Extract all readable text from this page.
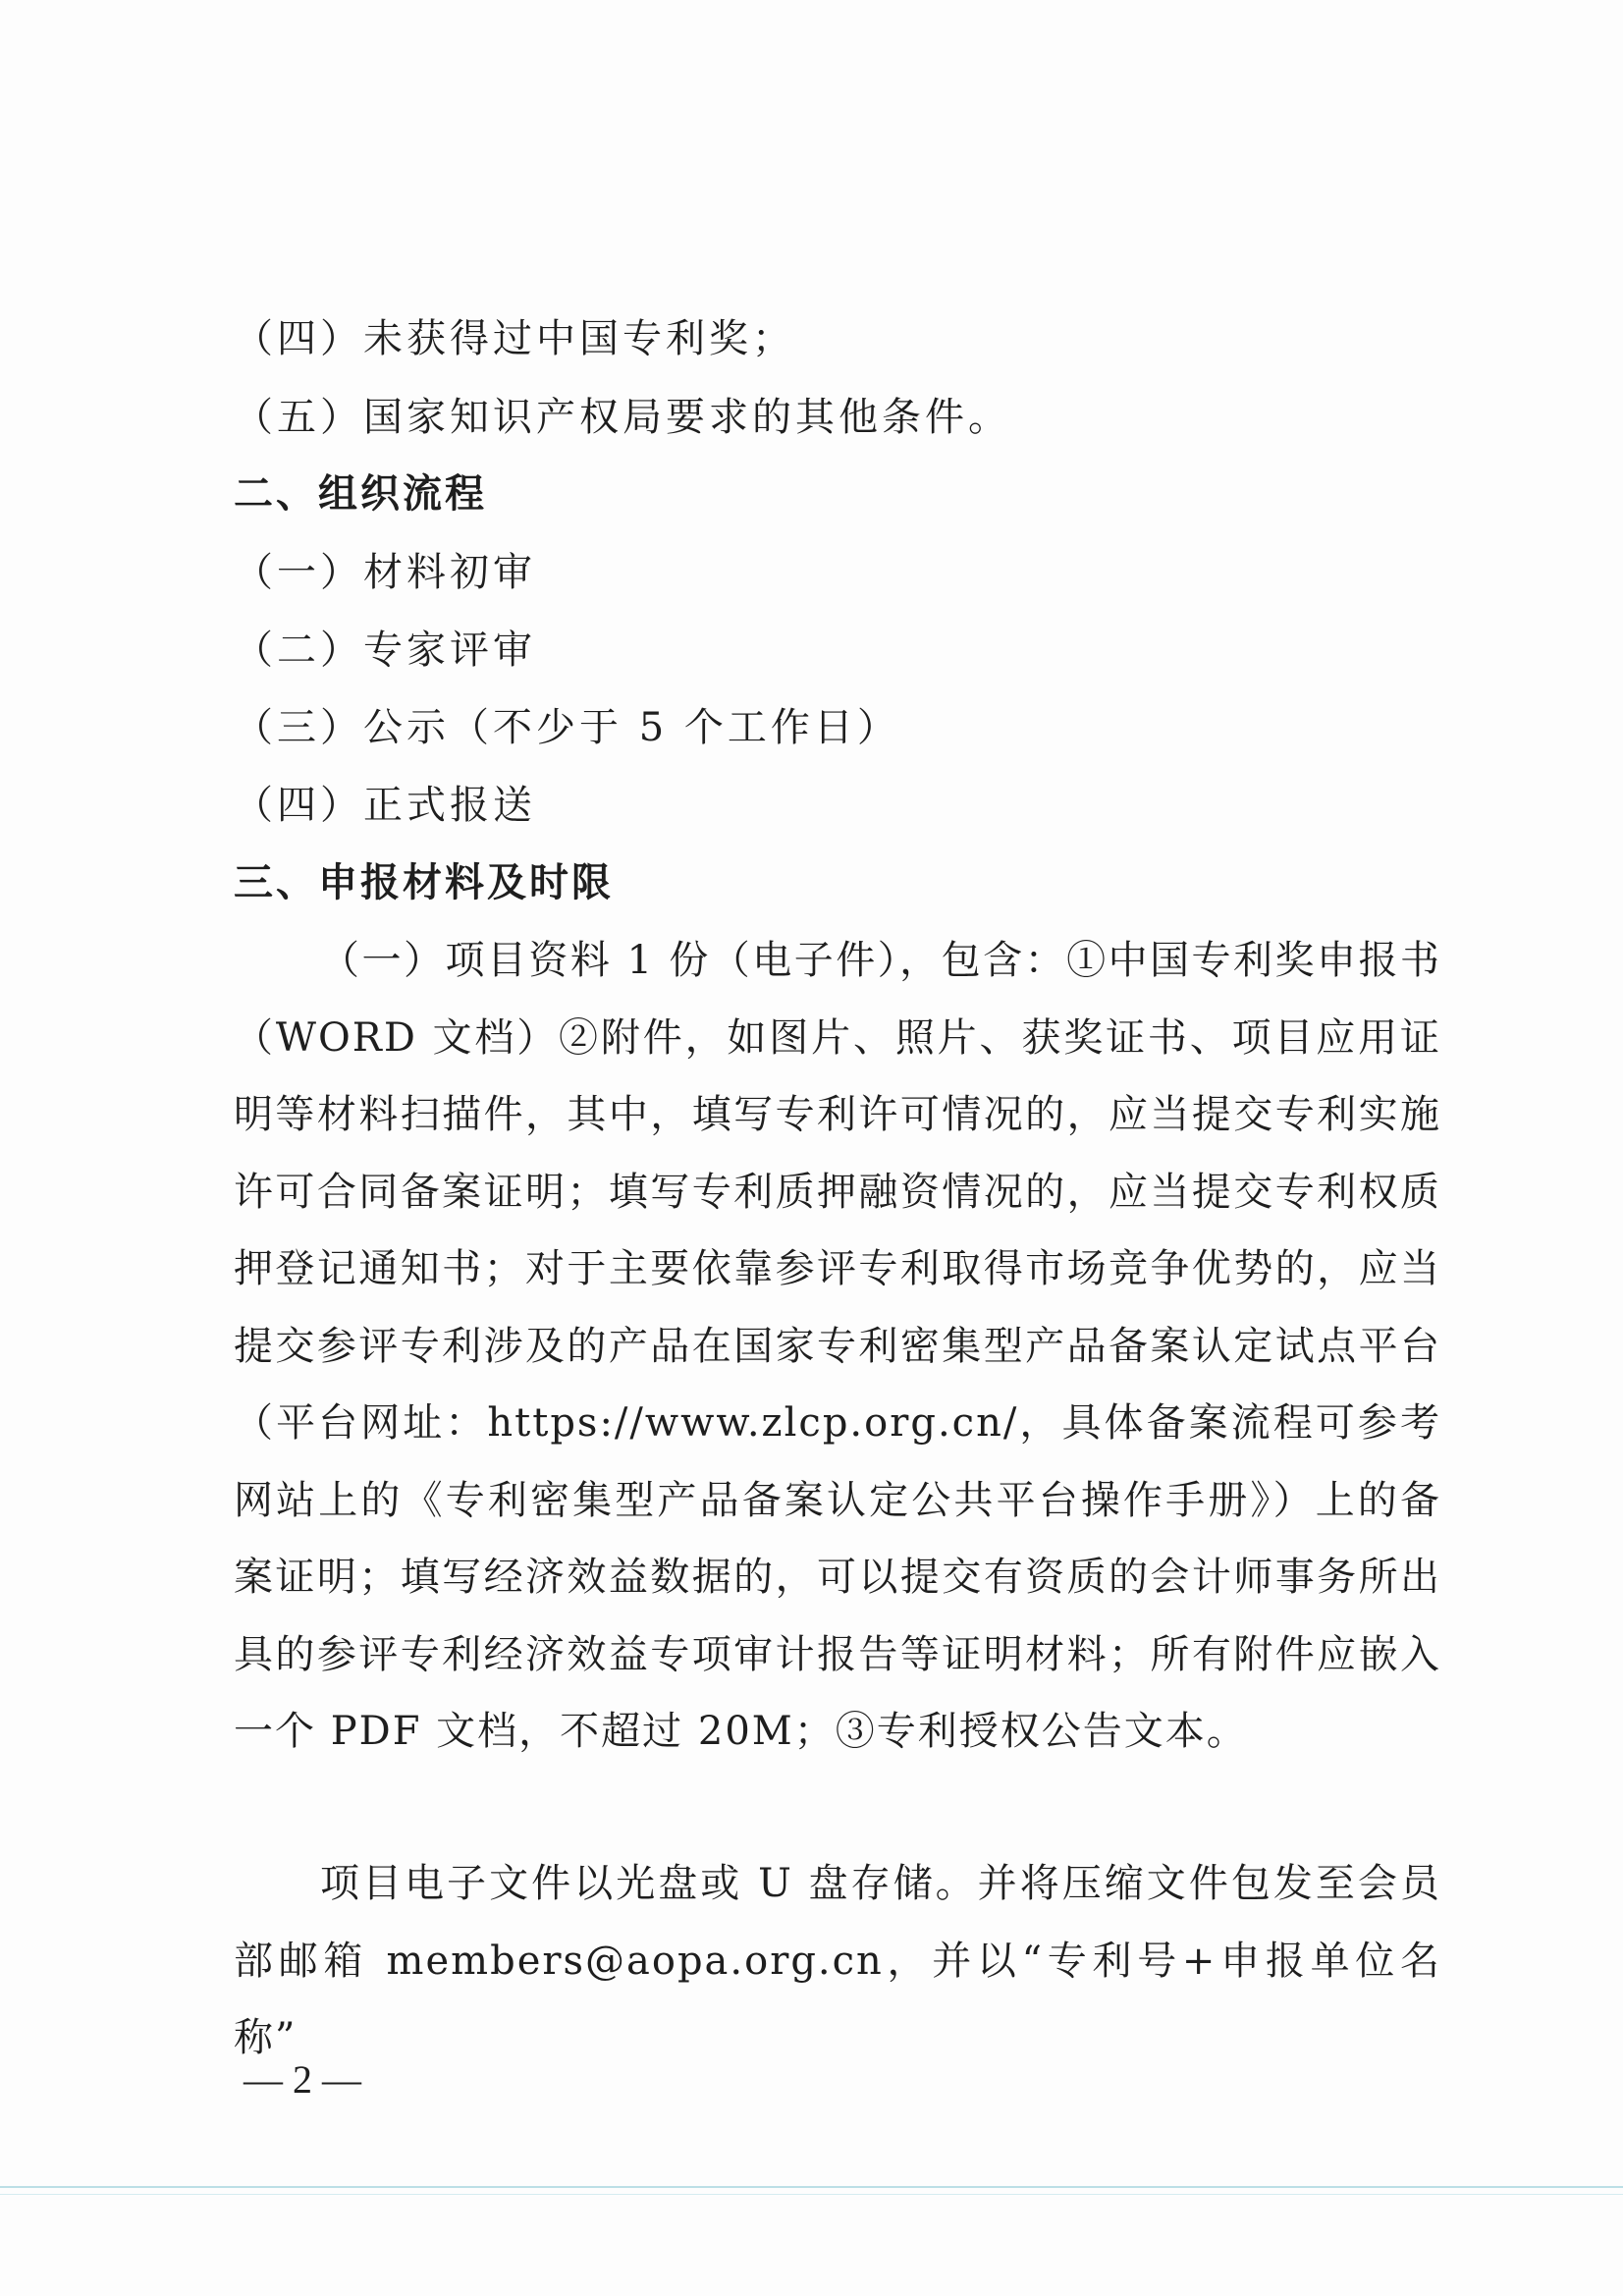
（四）未获得过中国专利奖；
（五）国家知识产权局要求的其他条件。
二、组织流程
（一）材料初审
（二）专家评审
（三）公示（不少于 5 个工作日）
（四）正式报送
三、申报材料及时限
（一）项目资料 1 份（电子件），包含：①中国专利奖申报书（WORD 文档）②附件，如图片、照片、获奖证书、项目应用证明等材料扫描件，其中，填写专利许可情况的，应当提交专利实施许可合同备案证明；填写专利质押融资情况的，应当提交专利权质押登记通知书；对于主要依靠参评专利取得市场竞争优势的，应当提交参评专利涉及的产品在国家专利密集型产品备案认定试点平台（平台网址：https://www.zlcp.org.cn/，具体备案流程可参考网站上的《专利密集型产品备案认定公共平台操作手册》）上的备案证明；填写经济效益数据的，可以提交有资质的会计师事务所出具的参评专利经济效益专项审计报告等证明材料；所有附件应嵌入一个 PDF 文档，不超过 20M；③专利授权公告文本。
项目电子文件以光盘或 U 盘存储。并将压缩文件包发至会员部邮箱 members@aopa.org.cn，并以“专利号+申报单位名称”
— 2 —
